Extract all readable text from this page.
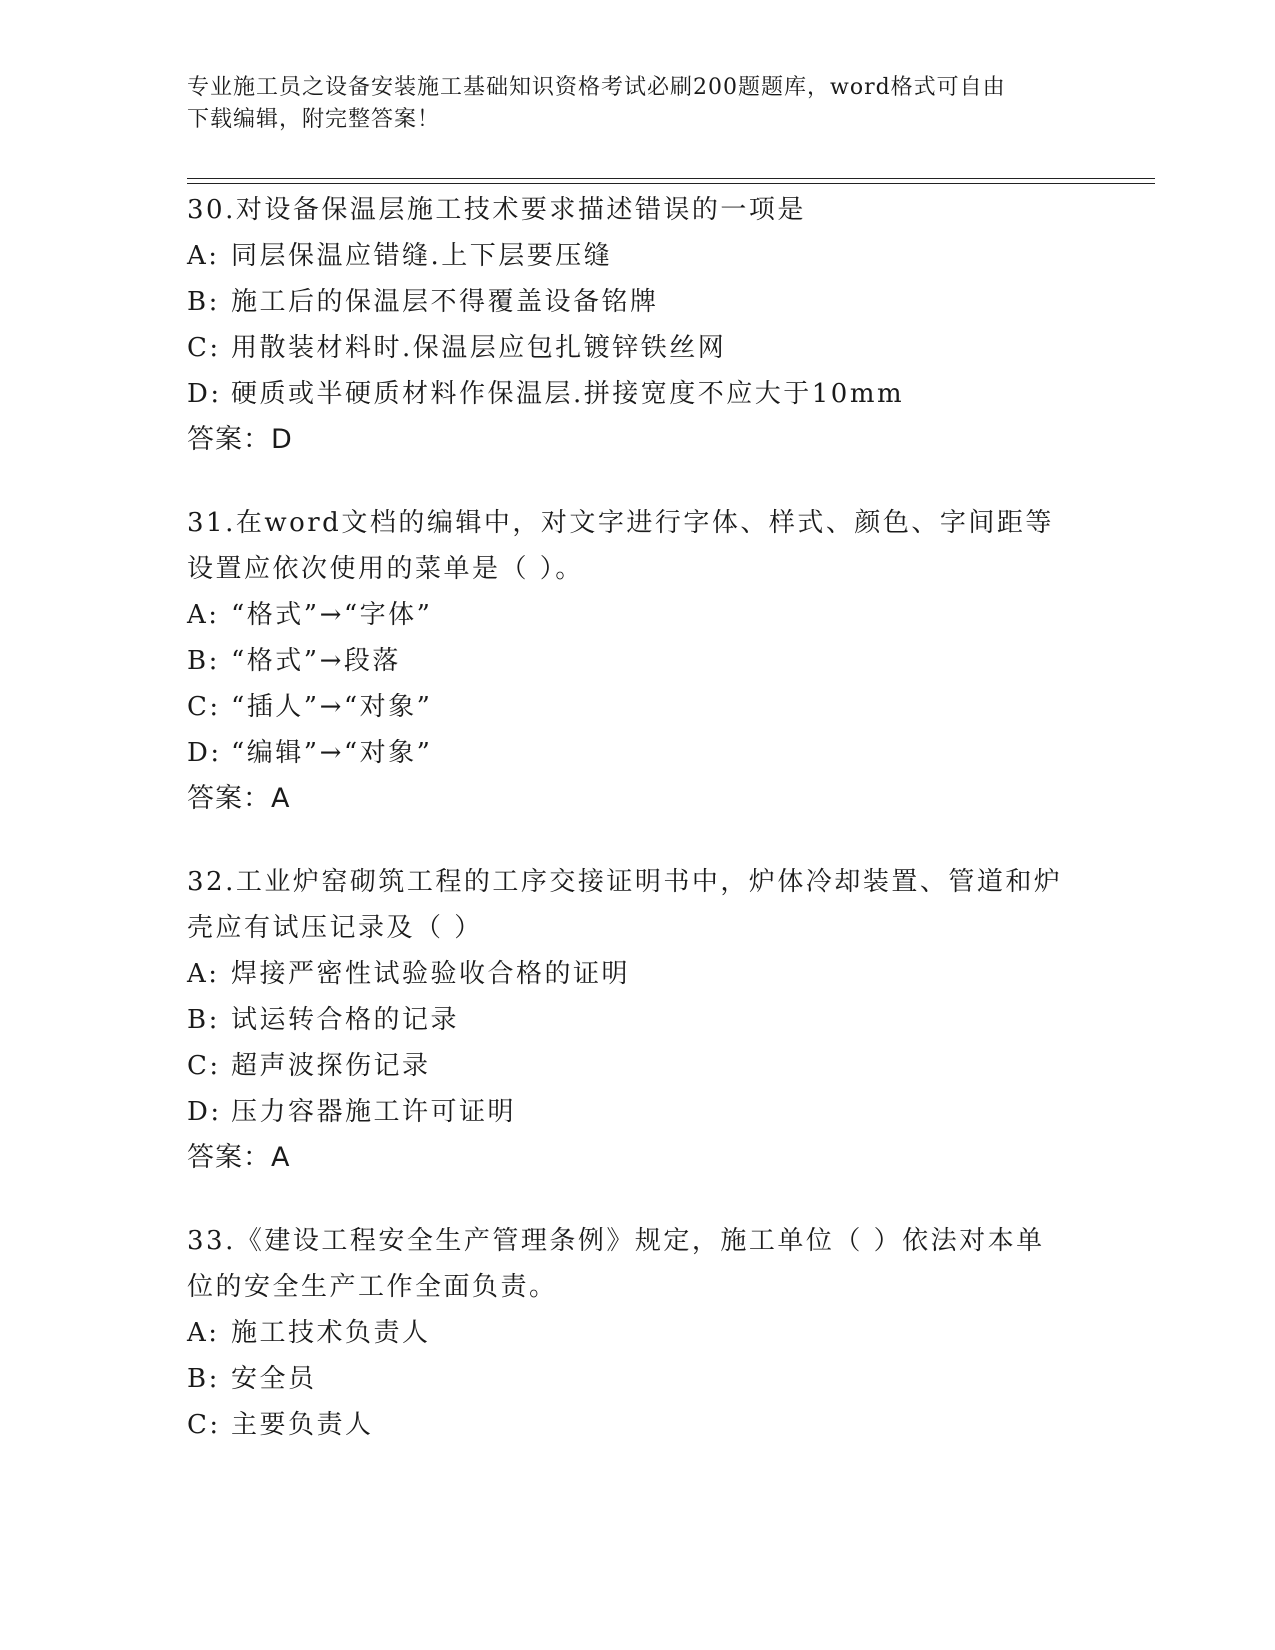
专业施工员之设备安装施工基础知识资格考试必刷200题题库，word格式可自由
下载编辑，附完整答案！
30.对设备保温层施工技术要求描述错误的一项是
A: 同层保温应错缝.上下层要压缝
B: 施工后的保温层不得覆盖设备铭牌
C: 用散装材料时.保温层应包扎镀锌铁丝网
D: 硬质或半硬质材料作保温层.拼接宽度不应大于10mm
答案：D
31.在word文档的编辑中，对文字进行字体、样式、颜色、字间距等
设置应依次使用的菜单是（ ）。
A: “格式”→“字体”
B: “格式”→段落
C: “插人”→“对象”
D: “编辑”→“对象”
答案：A
32.工业炉窑砌筑工程的工序交接证明书中，炉体冷却装置、管道和炉
壳应有试压记录及（ ）
A: 焊接严密性试验验收合格的证明
B: 试运转合格的记录
C: 超声波探伤记录
D: 压力容器施工许可证明
答案：A
33.《建设工程安全生产管理条例》规定，施工单位（ ）依法对本单
位的安全生产工作全面负责。
A: 施工技术负责人
B: 安全员
C: 主要负责人
